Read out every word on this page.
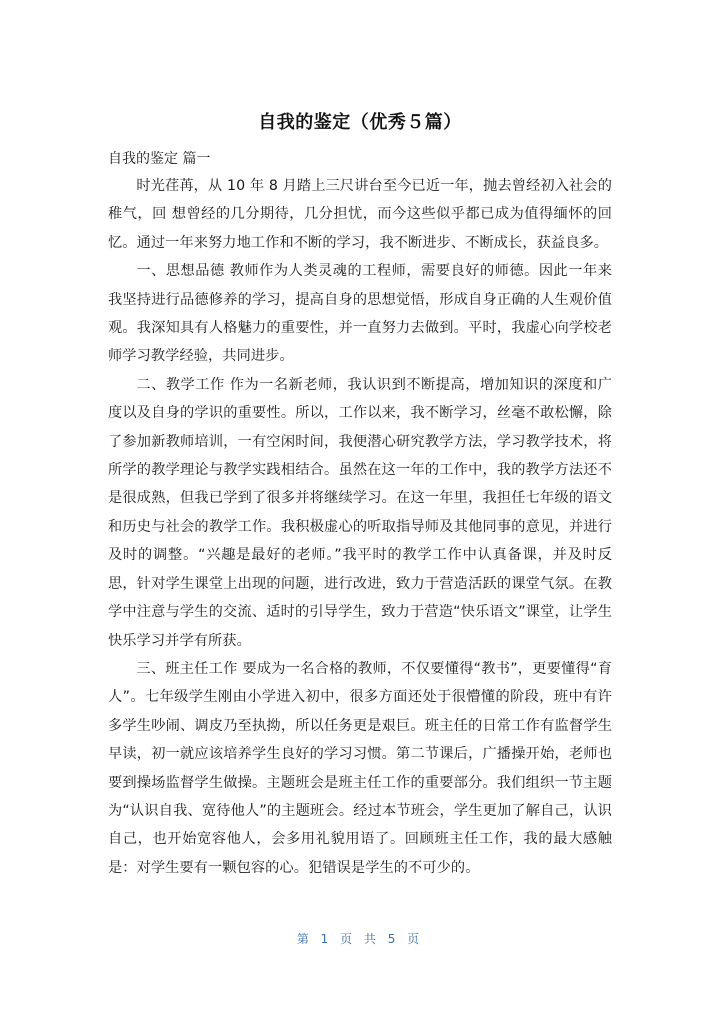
自我的鉴定（优秀５篇）
自我的鉴定 篇一

时光荏苒，从 10 年 8 月踏上三尺讲台至今已近一年，抛去曾经初入社会的稚气，回 想曾经的几分期待，几分担忧，而今这些似乎都已成为值得缅怀的回忆。通过一年来努力地工作和不断的学习，我不断进步、不断成长，获益良多。

一、思想品德 教师作为人类灵魂的工程师，需要良好的师德。因此一年来我坚持进行品德修养的学习，提高自身的思想觉悟，形成自身正确的人生观价值观。我深知具有人格魅力的重要性，并一直努力去做到。平时，我虚心向学校老师学习教学经验，共同进步。

二、教学工作 作为一名新老师，我认识到不断提高，增加知识的深度和广度以及自身的学识的重要性。所以，工作以来，我不断学习，丝毫不敢松懈，除了参加新教师培训，一有空闲时间，我便潜心研究教学方法，学习教学技术，将所学的教学理论与教学实践相结合。虽然在这一年的工作中，我的教学方法还不是很成熟，但我已学到了很多并将继续学习。在这一年里，我担任七年级的语文和历史与社会的教学工作。我积极虚心的听取指导师及其他同事的意见，并进行及时的调整。“兴趣是最好的老师。”我平时的教学工作中认真备课，并及时反思，针对学生课堂上出现的问题，进行改进，致力于营造活跃的课堂气氛。在教学中注意与学生的交流、适时的引导学生，致力于营造“快乐语文”课堂，让学生快乐学习并学有所获。

三、班主任工作 要成为一名合格的教师，不仅要懂得“教书”，更要懂得“育人”。七年级学生刚由小学进入初中，很多方面还处于很懵懂的阶段，班中有许多学生吵闹、调皮乃至执拗，所以任务更是艰巨。班主任的日常工作有监督学生早读，初一就应该培养学生良好的学习习惯。第二节课后，广播操开始，老师也要到操场监督学生做操。主题班会是班主任工作的重要部分。我们组织一节主题为“认识自我、宽待他人”的主题班会。经过本节班会，学生更加了解自己，认识自己，也开始宽容他人，会多用礼貌用语了。回顾班主任工作，我的最大感触是：对学生要有一颗包容的心。犯错误是学生的不可少的。

第 1 页 共 5 页
